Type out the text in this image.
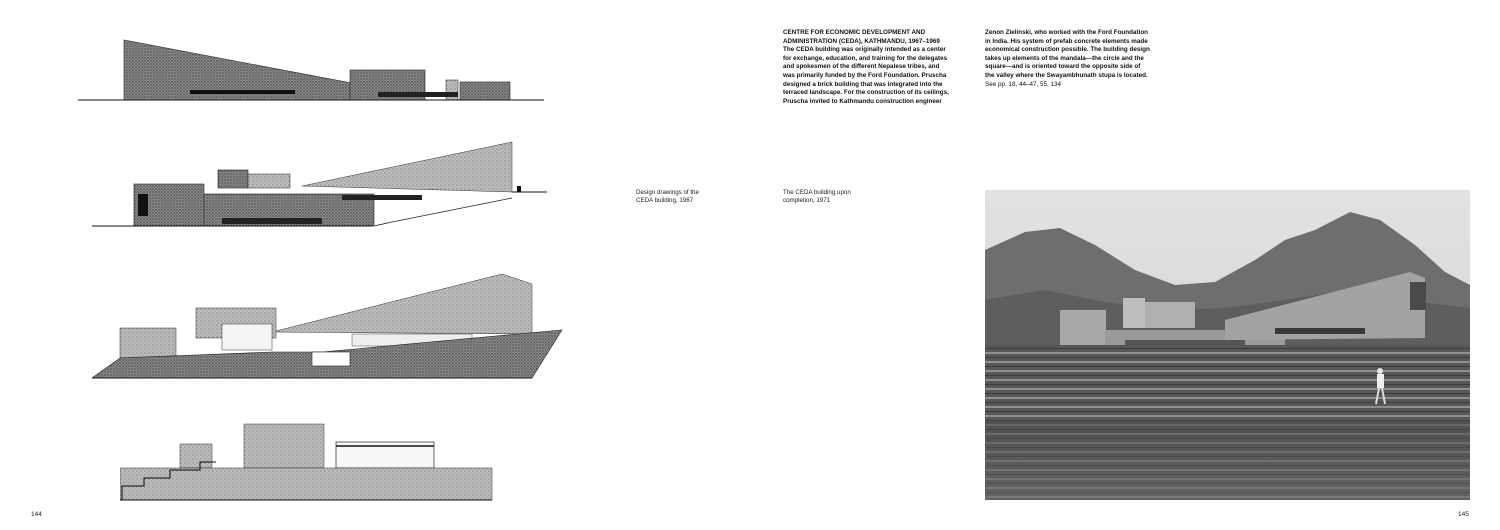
Design drawings of the
CEDA building, 1967
144
CENTRE FOR ECONOMIC DEVELOPMENT AND
ADMINISTRATION (CEDA), KATHMANDU, 1967–1969
The CEDA building was originally intended as a center
for exchange, education, and training for the delegates
and spokesmen of the different Nepalese tribes, and
was primarily funded by the Ford Foundation. Pruscha
designed a brick building that was integrated into the
terraced landscape. For the construction of its ceilings,
Pruscha invited to Kathmandu construction engineer
Zenon Zielinski, who worked with the Ford Foundation
in India. His system of prefab concrete elements made
economical construction possible. The building design
takes up elements of the mandala—the circle and the
square—and is oriented toward the opposite side of
the valley where the Swayambhunath stupa is located.
See pp. 18, 44–47, 55, 134
The CEDA building upon
completion, 1971
145
